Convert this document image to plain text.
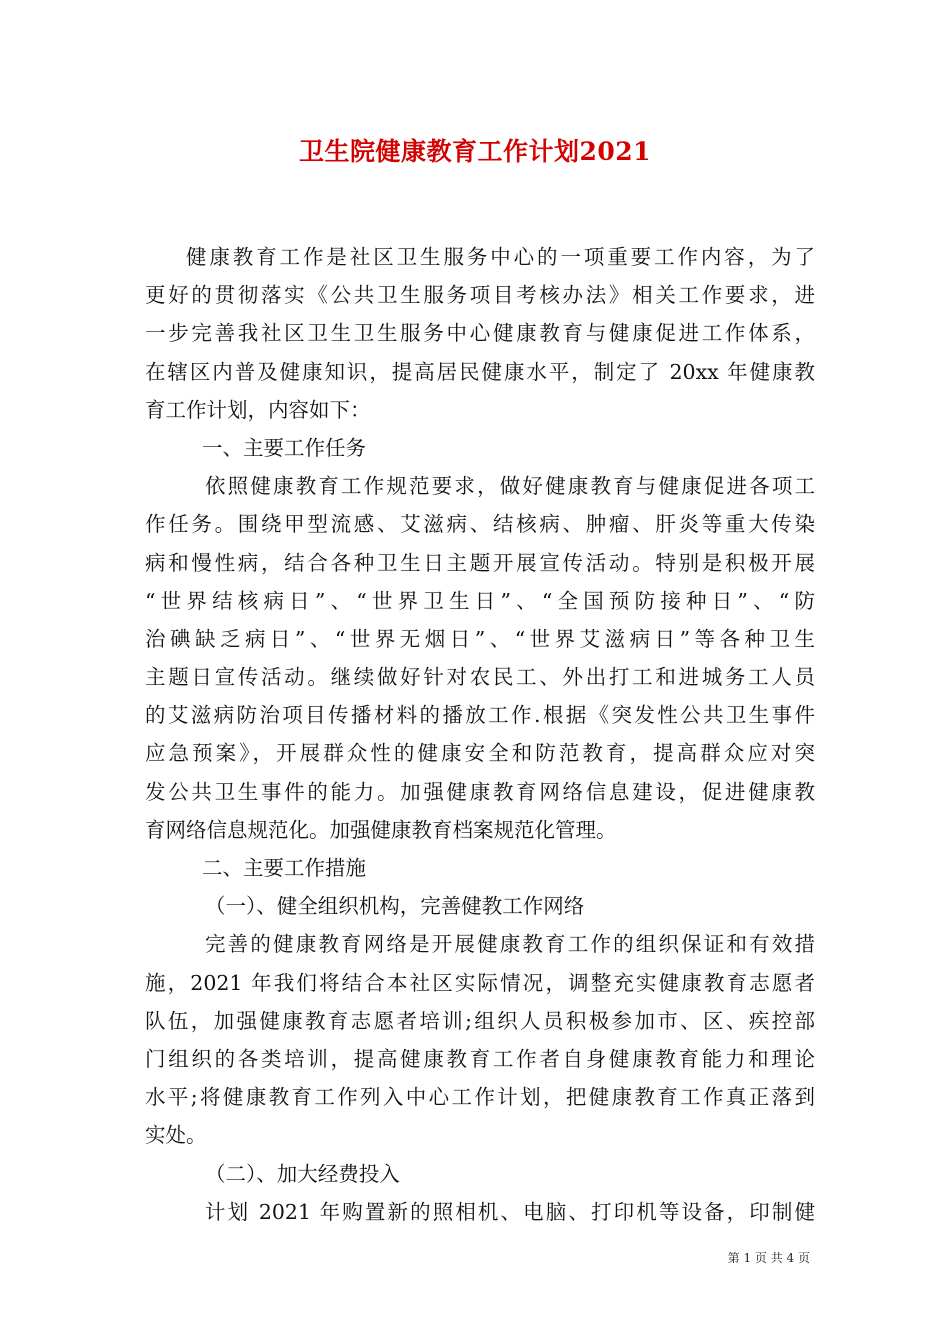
卫生院健康教育工作计划2021
健康教育工作是社区卫生服务中心的一项重要工作内容，为了
更好的贯彻落实《公共卫生服务项目考核办法》相关工作要求，进
一步完善我社区卫生卫生服务中心健康教育与健康促进工作体系，
在辖区内普及健康知识，提高居民健康水平，制定了 20xx 年健康教
育工作计划，内容如下：
一、主要工作任务
依照健康教育工作规范要求，做好健康教育与健康促进各项工
作任务。围绕甲型流感、艾滋病、结核病、肿瘤、肝炎等重大传染
病和慢性病，结合各种卫生日主题开展宣传活动。特别是积极开展
“世界结核病日”、“世界卫生日”、“全国预防接种日”、“防
治碘缺乏病日”、“世界无烟日”、“世界艾滋病日”等各种卫生
主题日宣传活动。继续做好针对农民工、外出打工和进城务工人员
的艾滋病防治项目传播材料的播放工作.根据《突发性公共卫生事件
应急预案》，开展群众性的健康安全和防范教育，提高群众应对突
发公共卫生事件的能力。加强健康教育网络信息建设，促进健康教
育网络信息规范化。加强健康教育档案规范化管理。
二、主要工作措施
（一）、健全组织机构，完善健教工作网络
完善的健康教育网络是开展健康教育工作的组织保证和有效措
施，2021 年我们将结合本社区实际情况，调整充实健康教育志愿者
队伍，加强健康教育志愿者培训;组织人员积极参加市、区、疾控部
门组织的各类培训，提高健康教育工作者自身健康教育能力和理论
水平;将健康教育工作列入中心工作计划，把健康教育工作真正落到
实处。
（二）、加大经费投入
计划 2021 年购置新的照相机、电脑、打印机等设备，印制健
第 1 页 共 4 页
